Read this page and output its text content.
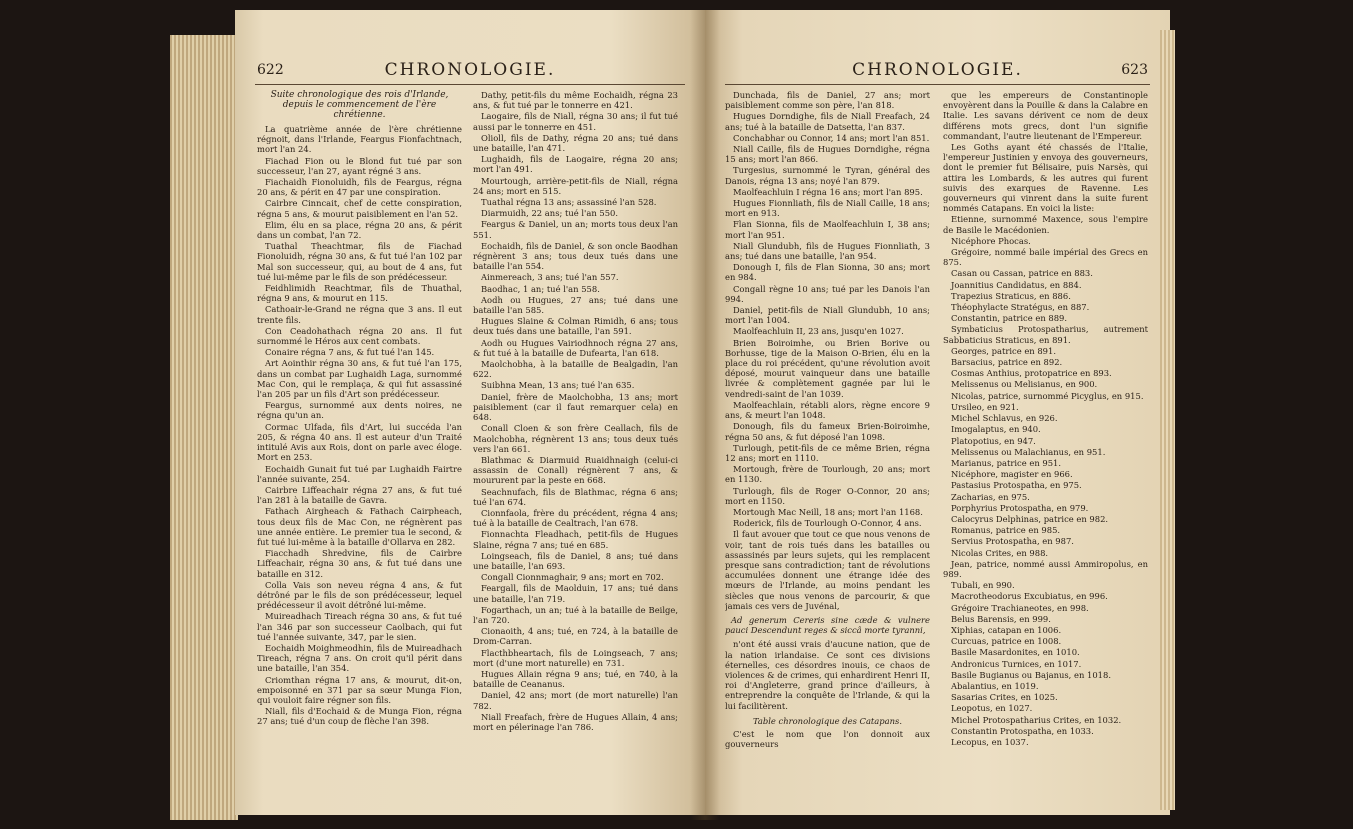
622	CHRONOLOGIE.

Suite chronologique des rois d'Irlande, depuis le commencement de l'ère chrétienne.

La quatrième année de l'ère chrétienne régnoit, dans l'Irlande, Feargus Fionfachtnach, mort l'an 24.

Fiachad Fion ou le Blond fut tué par son successeur, l'an 27, ayant régné 3 ans.

Fiachaidh Fionoluidh, fils de Feargus, régna 20 ans, & périt en 47 par une conspiration.

Cairbre Cinncait, chef de cette conspiration, régna 5 ans, & mourut paisiblement en l'an 52.

Elim, élu en sa place, régna 20 ans, & périt dans un combat, l'an 72.

Tuathal Theachtmar, fils de Fiachad Fionoluidh, régna 30 ans, & fut tué l'an 102 par Mal son successeur, qui, au bout de 4 ans, fut tué lui-même par le fils de son prédécesseur.

Feidhlimidh Reachtmar, fils de Thuathal, régna 9 ans, & mourut en 115.

Cathoair-le-Grand ne régna que 3 ans. Il eut trente fils.

Con Ceadohathach régna 20 ans. Il fut surnommé le Héros aux cent combats.

Conaire régna 7 ans, & fut tué l'an 145.

Art Aointhir régna 30 ans, & fut tué l'an 175, dans un combat par Lughaidh Laga, surnommé Mac Con, qui le remplaça, & qui fut assassiné l'an 205 par un fils d'Art son prédécesseur.

Feargus, surnommé aux dents noires, ne régna qu'un an.

Cormac Ulfada, fils d'Art, lui succéda l'an 205, & régna 40 ans. Il est auteur d'un Traité intitulé Avis aux Rois, dont on parle avec éloge. Mort en 253.

Eochaidh Gunait fut tué par Lughaidh Fairtre l'année suivante, 254.

Cairbre Liffeachair régna 27 ans, & fut tué l'an 281 à la bataille de Gavra.

Fathach Airgheach & Fathach Cairpheach, tous deux fils de Mac Con, ne régnèrent pas une année entière. Le premier tua le second, & fut tué lui-même à la bataille d'Ollarva en 282.

Fiacchadh Shredvine, fils de Cairbre Liffeachair, régna 30 ans, & fut tué dans une bataille en 312.

Colla Vais son neveu régna 4 ans, & fut détrôné par le fils de son prédécesseur, lequel prédécesseur il avoit détrôné lui-même.

Muireadhach Tireach régna 30 ans, & fut tué l'an 346 par son successeur Caolbach, qui fut tué l'année suivante, 347, par le sien.

Eochaidh Moighmeodhin, fils de Muireadhach Tireach, régna 7 ans. On croit qu'il périt dans une bataille, l'an 354.

Criomthan régna 17 ans, & mourut, dit-on, empoisonné en 371 par sa sœur Munga Fion, qui vouloit faire régner son fils.

Niall, fils d'Eochaid & de Munga Fion, régna 27 ans; tué d'un coup de flèche l'an 398.

Dathy, petit-fils du même Eochaidh, régna 23 ans, & fut tué par le tonnerre en 421.

Laogaire, fils de Niall, régna 30 ans; il fut tué aussi par le tonnerre en 451.

Olioll, fils de Dathy, régna 20 ans; tué dans une bataille, l'an 471.

Lughaidh, fils de Laogaire, régna 20 ans; mort l'an 491.

Mourtough, arrière-petit-fils de Niall, régna 24 ans; mort en 515.

Tuathal régna 13 ans; assassiné l'an 528.

Diarmuidh, 22 ans; tué l'an 550.

Feargus & Daniel, un an; morts tous deux l'an 551.

Eochaidh, fils de Daniel, & son oncle Baodhan régnèrent 3 ans; tous deux tués dans une bataille l'an 554.

Ainmereach, 3 ans; tué l'an 557.

Baodhac, 1 an; tué l'an 558.

Aodh ou Hugues, 27 ans; tué dans une bataille l'an 585.

Hugues Slaine & Colman Rimidh, 6 ans; tous deux tués dans une bataille, l'an 591.

Aodh ou Hugues Vairiodhnoch régna 27 ans, & fut tué à la bataille de Dufearta, l'an 618.

Maolchobha, à la bataille de Bealgadin, l'an 622.

Suibhna Mean, 13 ans; tué l'an 635.

Daniel, frère de Maolchobha, 13 ans; mort paisiblement (car il faut remarquer cela) en 648.

Conall Cloen & son frère Ceallach, fils de Maolchobha, régnèrent 13 ans; tous deux tués vers l'an 661.

Blathmac & Diarmuid Ruaidhnaigh (celui-ci assassin de Conall) régnèrent 7 ans, & moururent par la peste en 668.

Seachnufach, fils de Blathmac, régna 6 ans; tué l'an 674.

Cionnfaola, frère du précédent, régna 4 ans; tué à la bataille de Cealtrach, l'an 678.

Fionnachta Fleadhach, petit-fils de Hugues Slaine, régna 7 ans; tué en 685.

Loingseach, fils de Daniel, 8 ans; tué dans une bataille, l'an 693.

Congall Cionnmaghair, 9 ans; mort en 702.

Feargall, fils de Maolduin, 17 ans; tué dans une bataille, l'an 719.

Fogarthach, un an; tué à la bataille de Beilge, l'an 720.

Cionaoith, 4 ans; tué, en 724, à la bataille de Drom-Carran.

Flacthbheartach, fils de Loingseach, 7 ans; mort (d'une mort naturelle) en 731.

Hugues Allain régna 9 ans; tué, en 740, à la bataille de Ceananus.

Daniel, 42 ans; mort (de mort naturelle) l'an 782.

Niall Freafach, frère de Hugues Allain, 4 ans; mort en pélerinage l'an 786.

CHRONOLOGIE.	623

Dunchada, fils de Daniel, 27 ans; mort paisiblement comme son père, l'an 818.

Hugues Dorndighe, fils de Niall Freafach, 24 ans; tué à la bataille de Datsetta, l'an 837.

Conchabhar ou Connor, 14 ans; mort l'an 851.

Niall Caille, fils de Hugues Dorndighe, régna 15 ans; mort l'an 866.

Turgesius, surnommé le Tyran, général des Danois, régna 13 ans; noyé l'an 879.

Maolfeachluin I régna 16 ans; mort l'an 895.

Hugues Fionnliath, fils de Niall Caille, 18 ans; mort en 913.

Flan Sionna, fils de Maolfeachluin I, 38 ans; mort l'an 951.

Niall Glundubh, fils de Hugues Fionnliath, 3 ans; tué dans une bataille, l'an 954.

Donough I, fils de Flan Sionna, 30 ans; mort en 984.

Congall règne 10 ans; tué par les Danois l'an 994.

Daniel, petit-fils de Niall Glundubh, 10 ans; mort l'an 1004.

Maolfeachluin II, 23 ans, jusqu'en 1027.

Brien Boiroimhe, ou Brien Borive ou Borhusse, tige de la Maison O-Brien, élu en la place du roi précédent, qu'une révolution avoit déposé, mourut vainqueur dans une bataille livrée & complètement gagnée par lui le vendredi-saint de l'an 1039.

Maolfeachlain, rétabli alors, règne encore 9 ans, & meurt l'an 1048.

Donough, fils du fameux Brien-Boiroimhe, régna 50 ans, & fut déposé l'an 1098.

Turlough, petit-fils de ce même Brien, régna 12 ans; mort en 1110.

Mortough, frère de Tourlough, 20 ans; mort en 1130.

Turlough, fils de Roger O-Connor, 20 ans; mort en 1150.

Mortough Mac Neill, 18 ans; mort l'an 1168.

Roderick, fils de Tourlough O-Connor, 4 ans.

Il faut avouer que tout ce que nous venons de voir, tant de rois tués dans les batailles ou assassinés par leurs sujets, qui les remplacent presque sans contradiction; tant de révolutions accumulées donnent une étrange idée des mœurs de l'Irlande, au moins pendant les siècles que nous venons de parcourir, & que jamais ces vers de Juvénal,

Ad generum Cereris sine cæde & vulnere pauci Descendunt reges & siccâ morte tyranni,

n'ont été aussi vrais d'aucune nation, que de la nation irlandaise. Ce sont ces divisions éternelles, ces désordres inouis, ce chaos de violences & de crimes, qui enhardirent Henri II, roi d'Angleterre, grand prince d'ailleurs, à entreprendre la conquête de l'Irlande, & qui la lui facilitèrent.

Table chronologique des Catapans.

C'est le nom que l'on donnoit aux gouverneurs

que les empereurs de Constantinople envoyèrent dans la Pouille & dans la Calabre en Italie. Les savans dérivent ce nom de deux différens mots grecs, dont l'un signifie commandant, l'autre lieutenant de l'Empereur.

Les Goths ayant été chassés de l'Italie, l'empereur Justinien y envoya des gouverneurs, dont le premier fut Bélisaire, puis Narsès, qui attira les Lombards, & les autres qui furent suivis des exarques de Ravenne. Les gouverneurs qui vinrent dans la suite furent nommés Catapans. En voici la liste:

Etienne, surnommé Maxence, sous l'empire de Basile le Macédonien.

Nicéphore Phocas.

Grégoire, nommé baile impérial des Grecs en 875.

Casan ou Cassan, patrice en 883.

Joannitius Candidatus, en 884.

Trapezius Straticus, en 886.

Théophylacte Stratégus, en 887.

Constantin, patrice en 889.

Symbaticius Protospatharius, autrement Sabbaticius Straticus, en 891.

Georges, patrice en 891.

Barsacius, patrice en 892.

Cosmas Anthius, protopatrice en 893.

Melissenus ou Melisianus, en 900.

Nicolas, patrice, surnommé Picyglus, en 915.

Ursileo, en 921.

Michel Schlavus, en 926.

Imogalaptus, en 940.

Platopotius, en 947.

Melissenus ou Malachianus, en 951.

Marianus, patrice en 951.

Nicéphore, magister en 966.

Pastasius Protospatha, en 975.

Zacharias, en 975.

Porphyrius Protospatha, en 979.

Calocyrus Delphinas, patrice en 982.

Romanus, patrice en 985.

Servius Protospatha, en 987.

Nicolas Crites, en 988.

Jean, patrice, nommé aussi Ammiropolus, en 989.

Tubali, en 990.

Macrotheodorus Excubiatus, en 996.

Grégoire Trachianeotes, en 998.

Belus Barensis, en 999.

Xiphias, catapan en 1006.

Curcuas, patrice en 1008.

Basile Masardonites, en 1010.

Andronicus Turnices, en 1017.

Basile Bugianus ou Bajanus, en 1018.

Abalantius, en 1019.

Sasarias Crites, en 1025.

Leopotus, en 1027.

Michel Protospatharius Crites, en 1032.

Constantin Protospatha, en 1033.

Lecopus, en 1037.
